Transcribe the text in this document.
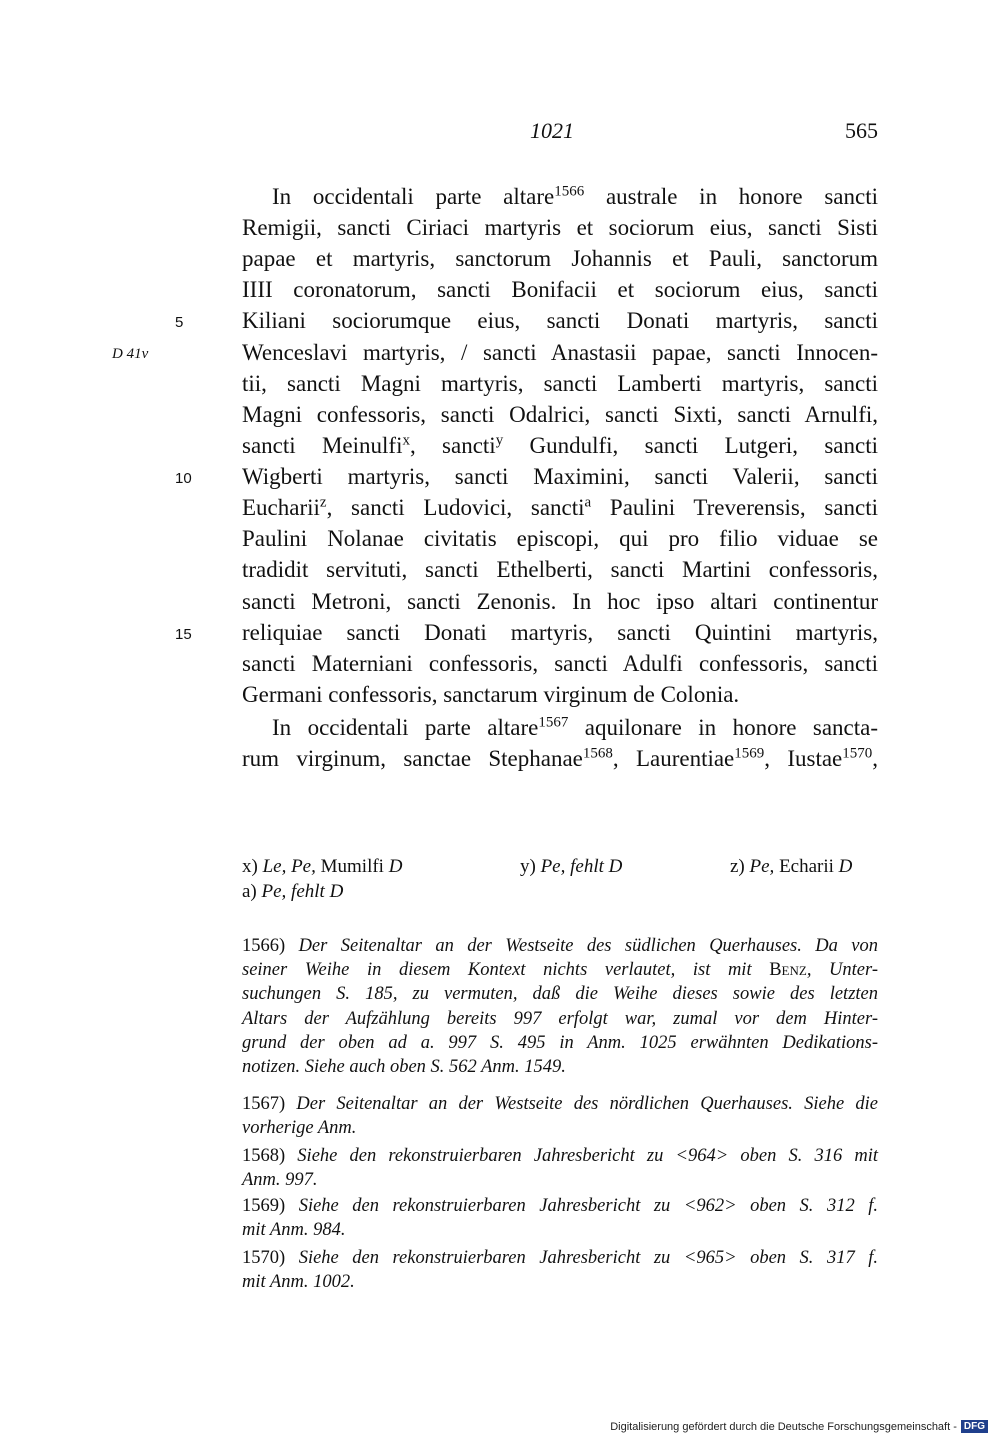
1021	565
5
D 41v
10
15
In occidentali parte altare$^{1566}$ australe in honore sancti
Remigii, sancti Ciriaci martyris et sociorum eius, sancti Sisti
papae et martyris, sanctorum Johannis et Pauli, sanctorum
IIII coronatorum, sancti Bonifacii et sociorum eius, sancti
Kiliani sociorumque eius, sancti Donati martyris, sancti
Wenceslavi martyris, / sancti Anastasii papae, sancti Innocen-
tii, sancti Magni martyris, sancti Lamberti martyris, sancti
Magni confessoris, sancti Odalrici, sancti Sixti, sancti Arnulfi,
sancti Meinulfi$^x$, sancti$^y$ Gundulfi, sancti Lutgeri, sancti
Wigberti martyris, sancti Maximini, sancti Valerii, sancti
Eucharii$^z$, sancti Ludovici, sancti$^a$ Paulini Treverensis, sancti
Paulini Nolanae civitatis episcopi, qui pro filio viduae se
tradidit servituti, sancti Ethelberti, sancti Martini confessoris,
sancti Metroni, sancti Zenonis. In hoc ipso altari continentur
reliquiae sancti Donati martyris, sancti Quintini martyris,
sancti Materniani confessoris, sancti Adulfi confessoris, sancti
Germani confessoris, sanctarum virginum de Colonia.
In occidentali parte altare$^{1567}$ aquilonare in honore sancta-
rum virginum, sanctae Stephanae$^{1568}$, Laurentiae$^{1569}$, Iustae$^{1570}$,
x) Le, Pe, Mumilfi D	y) Pe, fehlt D	z) Pe, Echarii D
a) Pe, fehlt D
1566) Der Seitenaltar an der Westseite des südlichen Querhauses. Da von
seiner Weihe in diesem Kontext nichts verlautet, ist mit Benz, Unter-
suchungen S. 185, zu vermuten, daß die Weihe dieses sowie des letzten
Altars der Aufzählung bereits 997 erfolgt war, zumal vor dem Hinter-
grund der oben ad a. 997 S. 495 in Anm. 1025 erwähnten Dedikations-
notizen. Siehe auch oben S. 562 Anm. 1549.
1567) Der Seitenaltar an der Westseite des nördlichen Querhauses. Siehe die
vorherige Anm.
1568) Siehe den rekonstruierbaren Jahresbericht zu <964> oben S. 316 mit
Anm. 997.
1569) Siehe den rekonstruierbaren Jahresbericht zu <962> oben S. 312 f.
mit Anm. 984.
1570) Siehe den rekonstruierbaren Jahresbericht zu <965> oben S. 317 f.
mit Anm. 1002.
Digitalisierung gefördert durch die Deutsche Forschungsgemeinschaft - DFG
